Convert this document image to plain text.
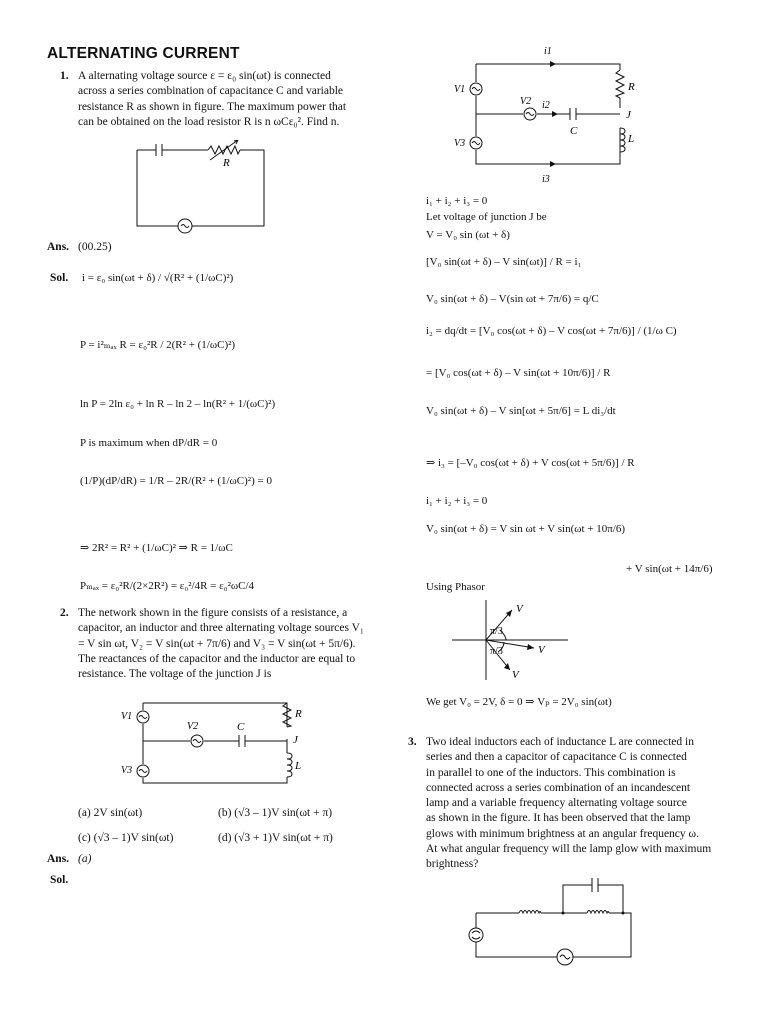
ALTERNATING CURRENT
1. A alternating voltage source ε = ε₀ sin(ωt) is connected
across a series combination of capacitance C and variable
resistance R as shown in figure. The maximum power that
can be obtained on the load resistor R is n ωCε₀². Find n.
R
Ans. (00.25)
Sol. i = ε₀ sin(ωt + δ) / √(R² + (1/ωC)²)
P = i²ₘₐₓ R = ε₀²R / 2(R² + (1/ωC)²)
ln P = 2ln ε₀ + ln R – ln 2 – ln(R² + 1/(ωC)²)
P is maximum when dP/dR = 0
(1/P)(dP/dR) = 1/R – 2R/(R² + (1/ωC)²) = 0
⇒ 2R² = R² + (1/ωC)² ⇒ R = 1/ωC
Pₘₐₓ = ε₀²R/(2×2R²) = ε₀²/4R = ε₀²ωC/4
2. The network shown in the figure consists of a resistance, a
capacitor, an inductor and three alternating voltage sources V₁
= V sin ωt, V₂ = V sin(ωt + 7π/6) and V₃ = V sin(ωt + 5π/6).
The reactances of the capacitor and the inductor are equal to
resistance. The voltage of the junction J is
V1
V2
V3
C
R
J
L
(a) 2V sin(ωt)	(b) (√3 – 1)V sin(ωt + π)
(c) (√3 – 1)V sin(ωt)	(d) (√3 + 1)V sin(ωt + π)
Ans. (a)
Sol.
i1
i2
i3
V1
V2
V3
C
R
J
L
i₁ + i₂ + i₃ = 0
Let voltage of junction J be
V = V₀ sin (ωt + δ)
[V₀ sin(ωt + δ) – V sin(ωt)] / R = i₁
V₀ sin(ωt + δ) – V(sin ωt + 7π/6) = q/C
i₂ = dq/dt = [V₀ cos(ωt + δ) – V cos(ωt + 7π/6)] / (1/ω C)
= [V₀ cos(ωt + δ) – V sin(ωt + 10π/6)] / R
V₀ sin(ωt + δ) – V sin[ωt + 5π/6] = L di₃/dt
⇒ i₃ = [–V₀ cos(ωt + δ) + V cos(ωt + 5π/6)] / R
i₁ + i₂ + i₃ = 0
V₀ sin(ωt + δ) = V sin ωt + V sin(ωt + 10π/6)
+ V sin(ωt + 14π/6)
Using Phasor
V
π/3
π/3	V
V
We get V₀ = 2V, δ = 0 ⇒ Vₚ = 2V₀ sin(ωt)
3. Two ideal inductors each of inductance L are connected in
series and then a capacitor of capacitance C is connected
in parallel to one of the inductors. This combination is
connected across a series combination of an incandescent
lamp and a variable frequency alternating voltage source
as shown in the figure. It has been observed that the lamp
glows with minimum brightness at an angular frequency ω.
At what angular frequency will the lamp glow with maximum
brightness?
